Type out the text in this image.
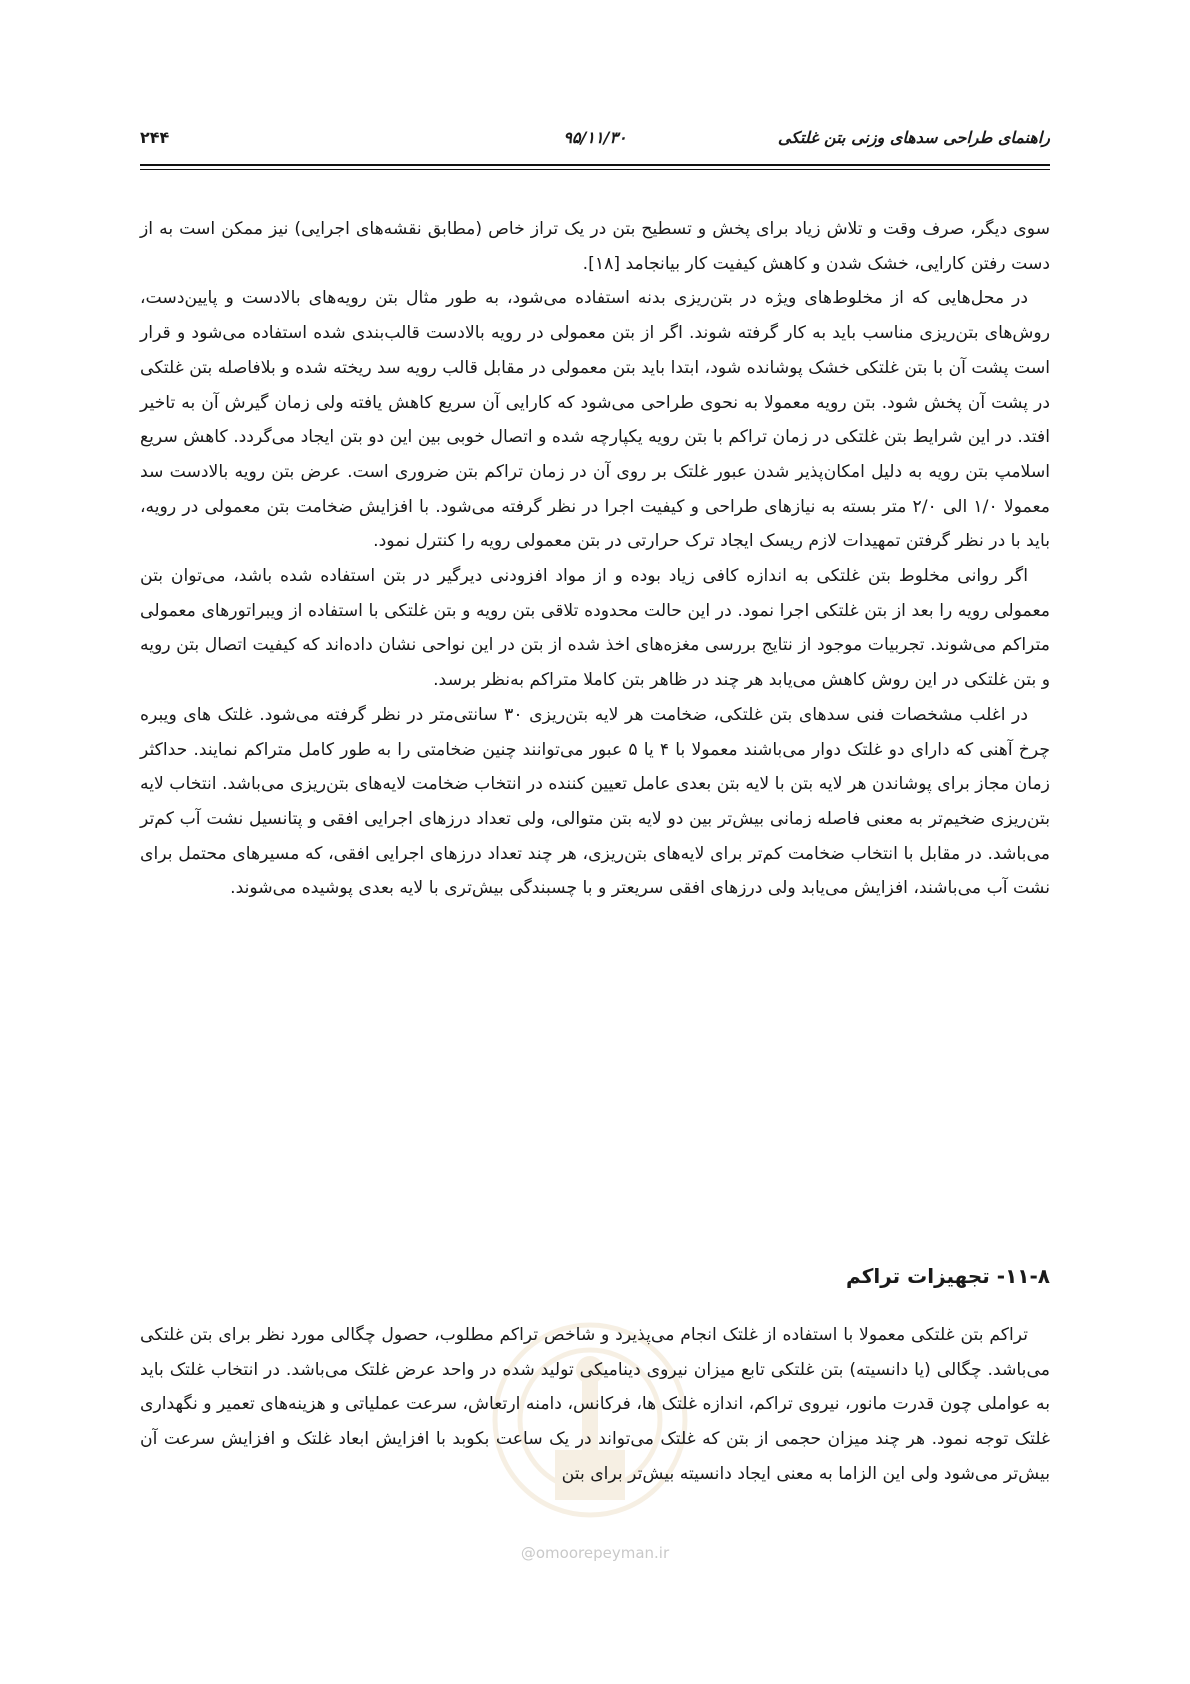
راهنمای طراحی سدهای وزنی بتن غلتکی
۹۵/۱۱/۳۰
۲۴۴

سوی دیگر، صرف وقت و تلاش زیاد برای پخش و تسطیح بتن در یک تراز خاص (مطابق نقشه‌های اجرایی) نیز ممکن است به از دست رفتن کارایی، خشک شدن و کاهش کیفیت کار بیانجامد [۱۸].

در محل‌هایی که از مخلوط‌های ویژه در بتن‌ریزی بدنه استفاده می‌شود، به طور مثال بتن رویه‌های بالادست و پایین‌دست، روش‌های بتن‌ریزی مناسب باید به کار گرفته شوند. اگر از بتن معمولی در رویه بالادست قالب‌بندی شده استفاده می‌شود و قرار است پشت آن با بتن غلتکی خشک پوشانده شود، ابتدا باید بتن معمولی در مقابل قالب رویه سد ریخته شده و بلافاصله بتن غلتکی در پشت آن پخش شود. بتن رویه معمولا به نحوی طراحی می‌شود که کارایی آن سریع کاهش یافته ولی زمان گیرش آن به تاخیر افتد. در این شرایط بتن غلتکی در زمان تراکم با بتن رویه یکپارچه شده و اتصال خوبی بین این دو بتن ایجاد می‌گردد. کاهش سریع اسلامپ بتن رویه به دلیل امکان‌پذیر شدن عبور غلتک بر روی آن در زمان تراکم بتن ضروری است. عرض بتن رویه بالادست سد معمولا ۱/۰ الی ۲/۰ متر بسته به نیازهای طراحی و کیفیت اجرا در نظر گرفته می‌شود. با افزایش ضخامت بتن معمولی در رویه، باید با در نظر گرفتن تمهیدات لازم ریسک ایجاد ترک حرارتی در بتن معمولی رویه را کنترل نمود.

اگر روانی مخلوط بتن غلتکی به اندازه کافی زیاد بوده و از مواد افزودنی دیرگیر در بتن استفاده شده باشد، می‌توان بتن معمولی رویه را بعد از بتن غلتکی اجرا نمود. در این حالت محدوده تلاقی بتن رویه و بتن غلتکی با استفاده از ویبراتورهای معمولی متراکم می‌شوند. تجربیات موجود از نتایج بررسی مغزه‌های اخذ شده از بتن در این نواحی نشان داده‌اند که کیفیت اتصال بتن رویه و بتن غلتکی در این روش کاهش می‌یابد هر چند در ظاهر بتن کاملا متراکم به‌نظر برسد.

در اغلب مشخصات فنی سدهای بتن غلتکی، ضخامت هر لایه بتن‌ریزی ۳۰ سانتی‌متر در نظر گرفته می‌شود. غلتک های ویبره چرخ آهنی که دارای دو غلتک دوار می‌باشند معمولا با ۴ یا ۵ عبور می‌توانند چنین ضخامتی را به طور کامل متراکم نمایند. حداکثر زمان مجاز برای پوشاندن هر لایه بتن با لایه بتن بعدی عامل تعیین کننده در انتخاب ضخامت لایه‌های بتن‌ریزی می‌باشد. انتخاب لایه بتن‌ریزی ضخیم‌تر به معنی فاصله زمانی بیش‌تر بین دو لایه بتن متوالی، ولی تعداد درزهای اجرایی افقی و پتانسیل نشت آب کم‌تر می‌باشد. در مقابل با انتخاب ضخامت کم‌تر برای لایه‌های بتن‌ریزی، هر چند تعداد درزهای اجرایی افقی، که مسیرهای محتمل برای نشت آب می‌باشند، افزایش می‌یابد ولی درزهای افقی سریعتر و با چسبندگی بیش‌تری با لایه بعدی پوشیده می‌شوند.

۱۱-۸- تجهیزات تراکم

تراکم بتن غلتکی معمولا با استفاده از غلتک انجام می‌پذیرد و شاخص تراکم مطلوب، حصول چگالی مورد نظر برای بتن غلتکی می‌باشد. چگالی (یا دانسیته) بتن غلتکی تابع میزان نیروی دینامیکی تولید شده در واحد عرض غلتک می‌باشد. در انتخاب غلتک باید به عواملی چون قدرت مانور، نیروی تراکم، اندازه غلتک ها، فرکانس، دامنه ارتعاش، سرعت عملیاتی و هزینه‌های تعمیر و نگهداری غلتک توجه نمود. هر چند میزان حجمی از بتن که غلتک می‌تواند در یک ساعت بکوبد با افزایش ابعاد غلتک و افزایش سرعت آن بیش‌تر می‌شود ولی این الزاما به معنی ایجاد دانسیته بیش‌تر برای بتن

@omoorepeyman.ir
